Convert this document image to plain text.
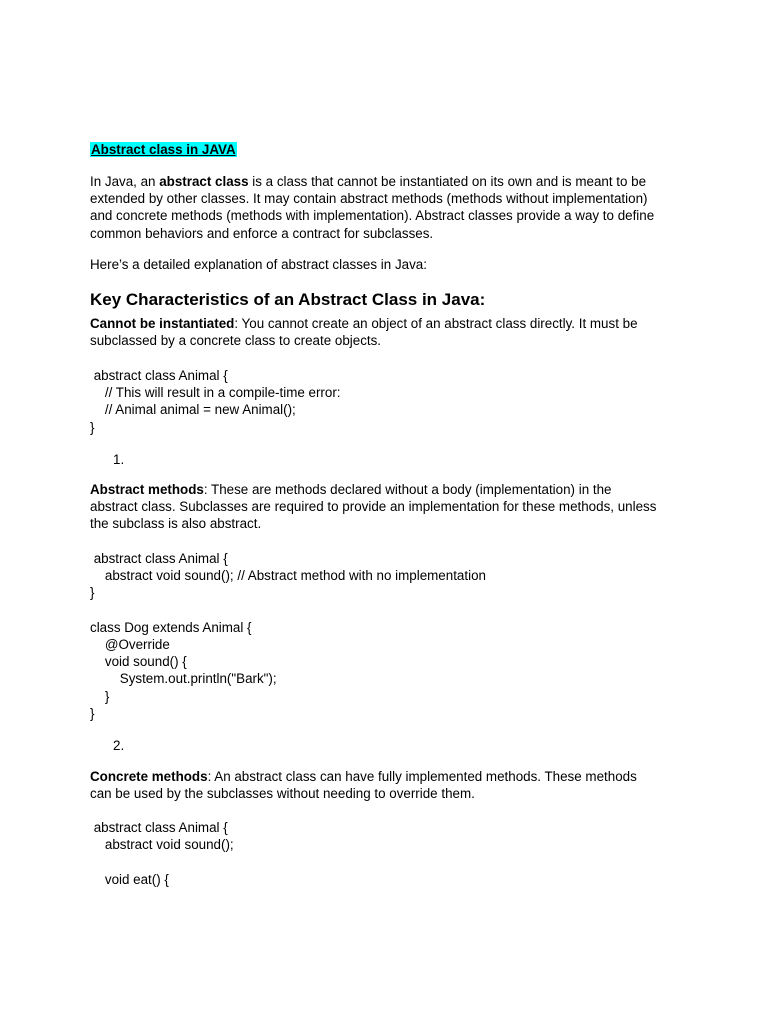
Abstract class in JAVA
In Java, an abstract class is a class that cannot be instantiated on its own and is meant to be
extended by other classes. It may contain abstract methods (methods without implementation)
and concrete methods (methods with implementation). Abstract classes provide a way to define
common behaviors and enforce a contract for subclasses.
Here’s a detailed explanation of abstract classes in Java:
Key Characteristics of an Abstract Class in Java:
Cannot be instantiated: You cannot create an object of an abstract class directly. It must be
subclassed by a concrete class to create objects.
abstract class Animal {
// This will result in a compile-time error:
// Animal animal = new Animal();
}
1.
Abstract methods: These are methods declared without a body (implementation) in the
abstract class. Subclasses are required to provide an implementation for these methods, unless
the subclass is also abstract.
abstract class Animal {
abstract void sound(); // Abstract method with no implementation
}
class Dog extends Animal {
@Override
void sound() {
System.out.println("Bark");
}
}
2.
Concrete methods: An abstract class can have fully implemented methods. These methods
can be used by the subclasses without needing to override them.
abstract class Animal {
abstract void sound();
void eat() {
